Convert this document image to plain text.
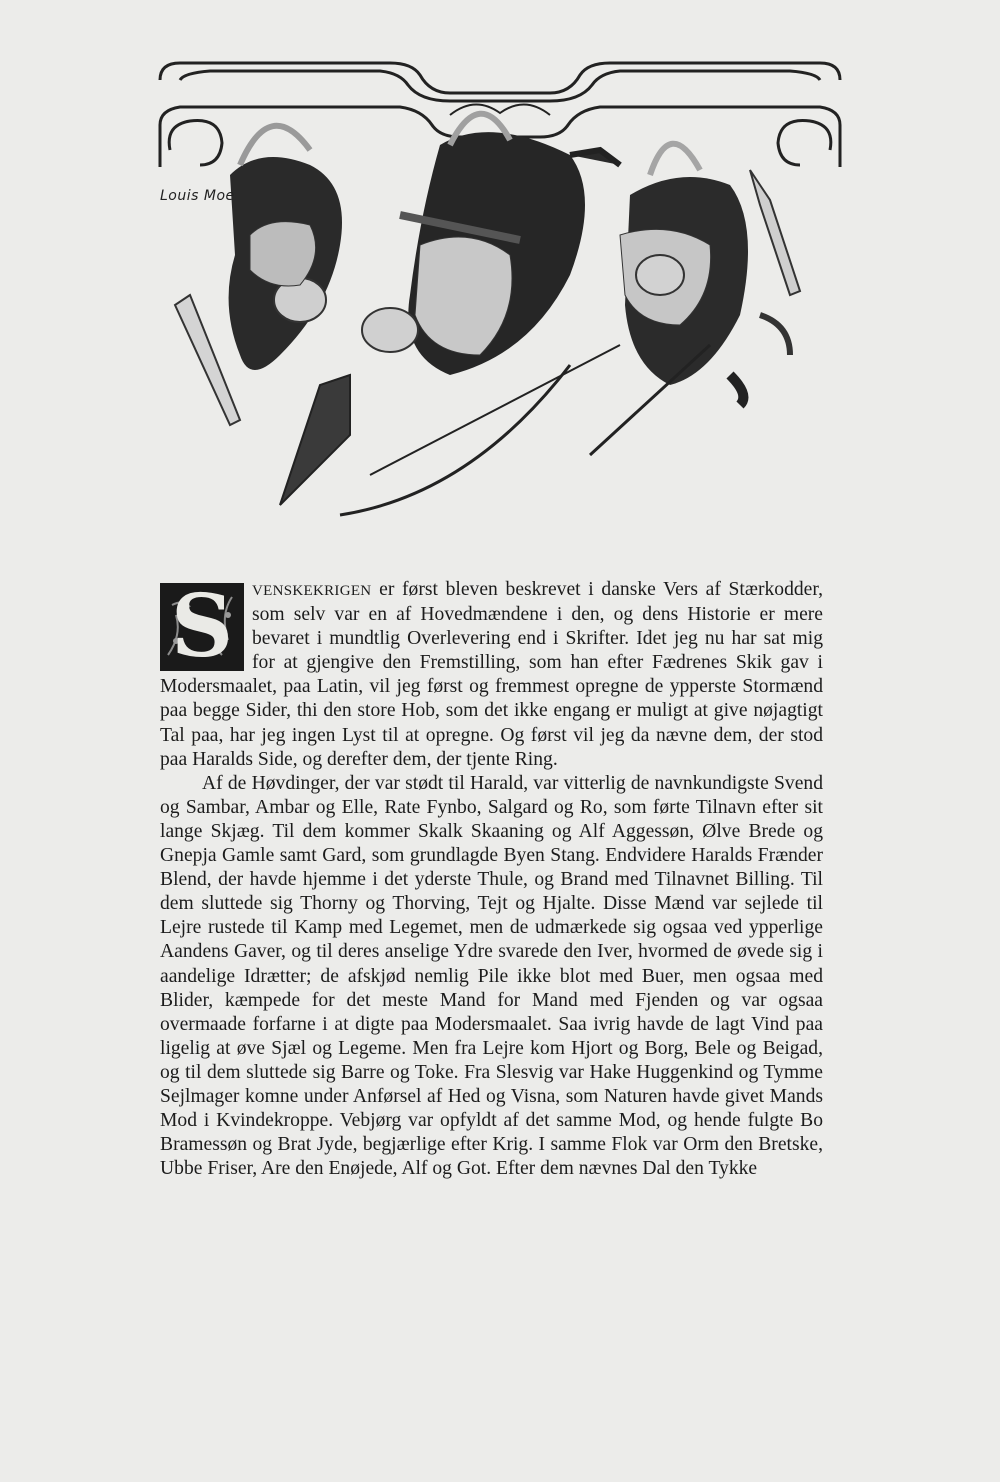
Louis Moe
S	VENSKEKRIGEN er først bleven beskrevet i danske Vers af Stærkodder, som selv var en af Hovedmændene i den, og dens Historie er mere bevaret i mundtlig Overlevering end i Skrifter. Idet jeg nu har sat mig for at gjengive den Fremstilling, som han efter Fædrenes Skik gav i Modersmaalet, paa Latin, vil jeg først og fremmest opregne de ypperste Stormænd paa begge Sider, thi den store Hob, som det ikke engang er muligt at give nøjagtigt Tal paa, har jeg ingen Lyst til at opregne. Og først vil jeg da nævne dem, der stod paa Haralds Side, og derefter dem, der tjente Ring.

Af de Høvdinger, der var stødt til Harald, var vitterlig de navnkundigste Svend og Sambar, Ambar og Elle, Rate Fynbo, Salgard og Ro, som førte Tilnavn efter sit lange Skjæg. Til dem kommer Skalk Skaaning og Alf Aggessøn, Ølve Brede og Gnepja Gamle samt Gard, som grundlagde Byen Stang. Endvidere Haralds Frænder Blend, der havde hjemme i det yderste Thule, og Brand med Tilnavnet Billing. Til dem sluttede sig Thorny og Thorving, Tejt og Hjalte. Disse Mænd var sejlede til Lejre rustede til Kamp med Legemet, men de udmærkede sig ogsaa ved ypperlige Aandens Gaver, og til deres anselige Ydre svarede den Iver, hvormed de øvede sig i aandelige Idrætter; de afskjød nemlig Pile ikke blot med Buer, men ogsaa med Blider, kæmpede for det meste Mand for Mand med Fjenden og var ogsaa overmaade forfarne i at digte paa Modersmaalet. Saa ivrig havde de lagt Vind paa ligelig at øve Sjæl og Legeme. Men fra Lejre kom Hjort og Borg, Bele og Beigad, og til dem sluttede sig Barre og Toke. Fra Slesvig var Hake Huggenkind og Tymme Sejlmager komne under Anførsel af Hed og Visna, som Naturen havde givet Mands Mod i Kvindekroppe. Vebjørg var opfyldt af det samme Mod, og hende fulgte Bo Bramessøn og Brat Jyde, begjærlige efter Krig. I samme Flok var Orm den Bretske, Ubbe Friser, Are den Enøjede, Alf og Got. Efter dem nævnes Dal den Tykke
